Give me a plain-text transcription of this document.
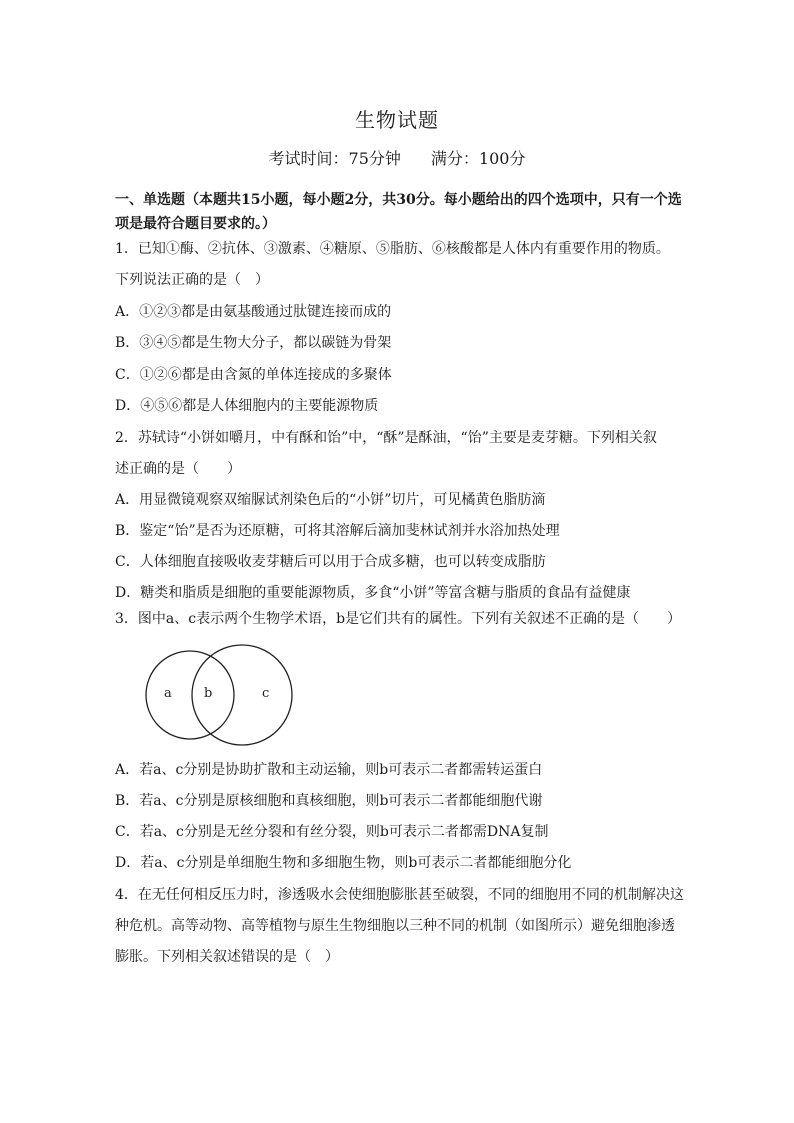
生物试题
考试时间：75分钟 满分：100分
一、单选题（本题共15小题，每小题2分，共30分。每小题给出的四个选项中，只有一个选项是最符合题目要求的。）
1．已知①酶、②抗体、③激素、④糖原、⑤脂肪、⑥核酸都是人体内有重要作用的物质。
下列说法正确的是（　）
A．①②③都是由氨基酸通过肽键连接而成的
B．③④⑤都是生物大分子，都以碳链为骨架
C．①②⑥都是由含氮的单体连接成的多聚体
D．④⑤⑥都是人体细胞内的主要能源物质
2．苏轼诗“小饼如嚼月，中有酥和饴”中，“酥”是酥油，“饴”主要是麦芽糖。下列相关叙
述正确的是（　　）
A．用显微镜观察双缩脲试剂染色后的“小饼”切片，可见橘黄色脂肪滴
B．鉴定“饴”是否为还原糖，可将其溶解后滴加斐林试剂并水浴加热处理
C．人体细胞直接吸收麦芽糖后可以用于合成多糖，也可以转变成脂肪
D．糖类和脂质是细胞的重要能源物质，多食“小饼”等富含糖与脂质的食品有益健康
3．图中a、c表示两个生物学术语，b是它们共有的属性。下列有关叙述不正确的是（　　）
a b	c
A．若a、c分别是协助扩散和主动运输，则b可表示二者都需转运蛋白
B．若a、c分别是原核细胞和真核细胞，则b可表示二者都能细胞代谢
C．若a、c分别是无丝分裂和有丝分裂，则b可表示二者都需DNA复制
D．若a、c分别是单细胞生物和多细胞生物，则b可表示二者都能细胞分化
4．在无任何相反压力时，渗透吸水会使细胞膨胀甚至破裂，不同的细胞用不同的机制解决这
种危机。高等动物、高等植物与原生生物细胞以三种不同的机制（如图所示）避免细胞渗透
膨胀。下列相关叙述错误的是（　）
